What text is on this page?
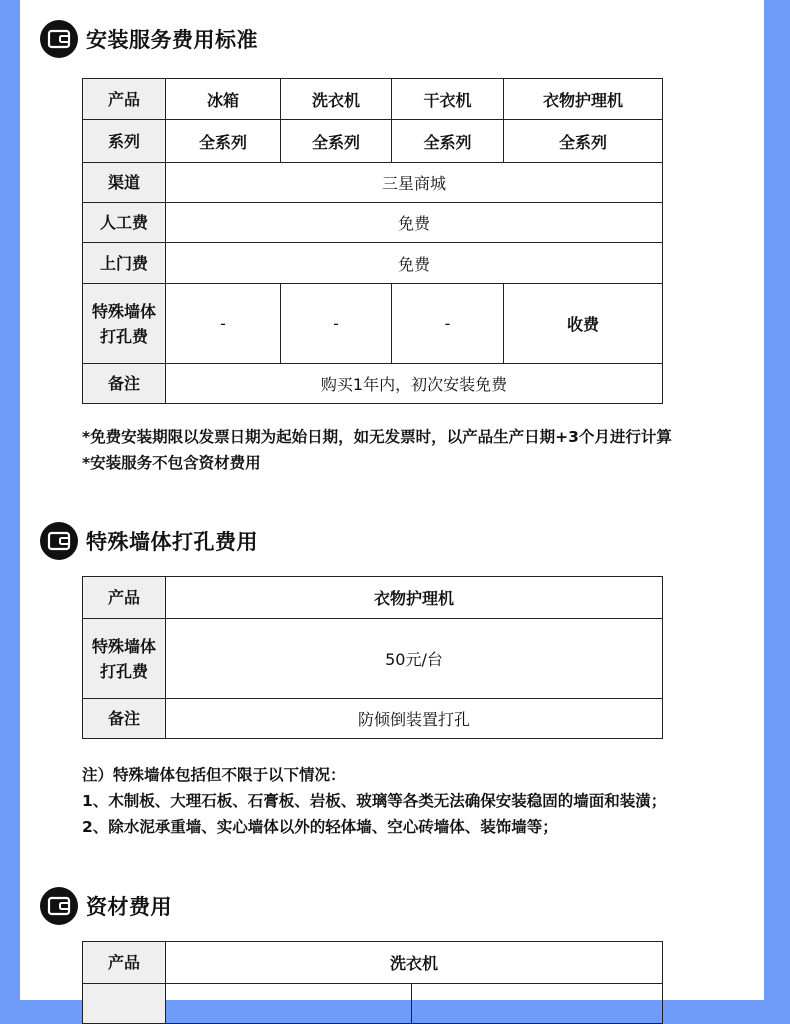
安装服务费用标准
产品	冰箱	洗衣机	干衣机	衣物护理机
系列	全系列	全系列	全系列	全系列
渠道	三星商城			
人工费	免费			
上门费	免费			
特殊墙体打孔费	-	-	-	收费
备注	购买1年内，初次安装免费			

*免费安装期限以发票日期为起始日期，如无发票时，以产品生产日期+3个月进行计算

*安装服务不包含资材费用

特殊墙体打孔费用
产品	衣物护理机
特殊墙体打孔费	50元/台
备注	防倾倒装置打孔

注）特殊墙体包括但不限于以下情况：

1、木制板、大理石板、石膏板、岩板、玻璃等各类无法确保安装稳固的墙面和装潢；

2、除水泥承重墙、实心墙体以外的轻体墙、空心砖墙体、装饰墙等；

资材费用
产品	洗衣机	
